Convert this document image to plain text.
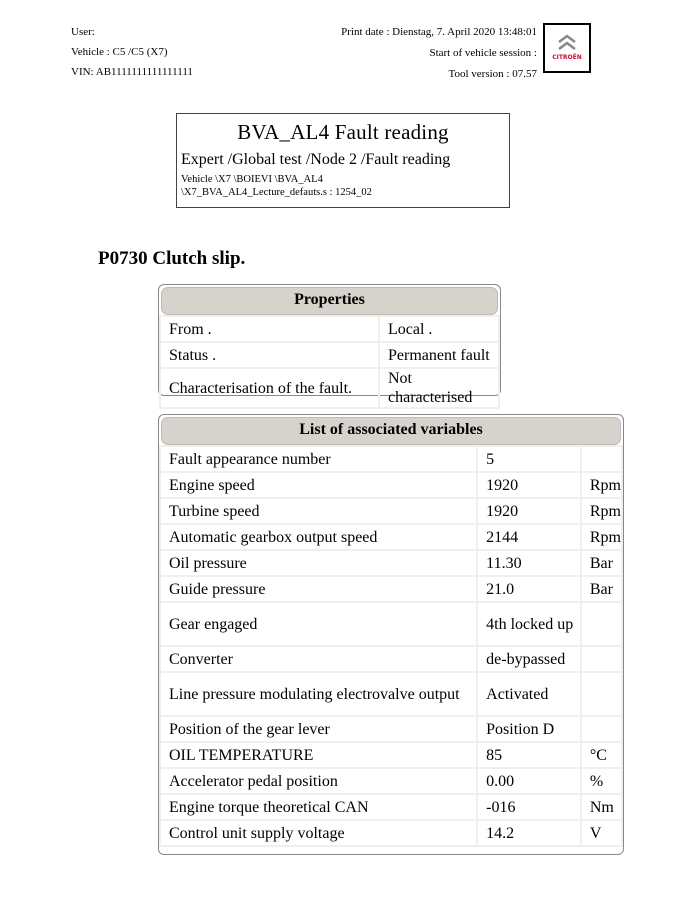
User:
Vehicle : C5 /C5 (X7)
VIN: AB1111111111111111
Print date : Dienstag, 7. April 2020 13:48:01
Start of vehicle session :
Tool version : 07.57
CITROËN
BVA_AL4 Fault reading
Expert /Global test /Node 2 /Fault reading
Vehicle \X7 \BOIEVI \BVA_AL4
\X7_BVA_AL4_Lecture_defauts.s : 1254_02
P0730 Clutch slip.
Properties
From .	Local .
Status .	Permanent fault
Characterisation of the fault.	Not characterised
List of associated variables
Fault appearance number	5	
Engine speed	1920	Rpm
Turbine speed	1920	Rpm
Automatic gearbox output speed	2144	Rpm
Oil pressure	11.30	Bar
Guide pressure	21.0	Bar
Gear engaged	4th locked up	
Converter	de-bypassed	
Line pressure modulating electrovalve output	Activated	
Position of the gear lever	Position D	
OIL TEMPERATURE	85	°C
Accelerator pedal position	0.00	%
Engine torque theoretical CAN	-016	Nm
Control unit supply voltage	14.2	V
